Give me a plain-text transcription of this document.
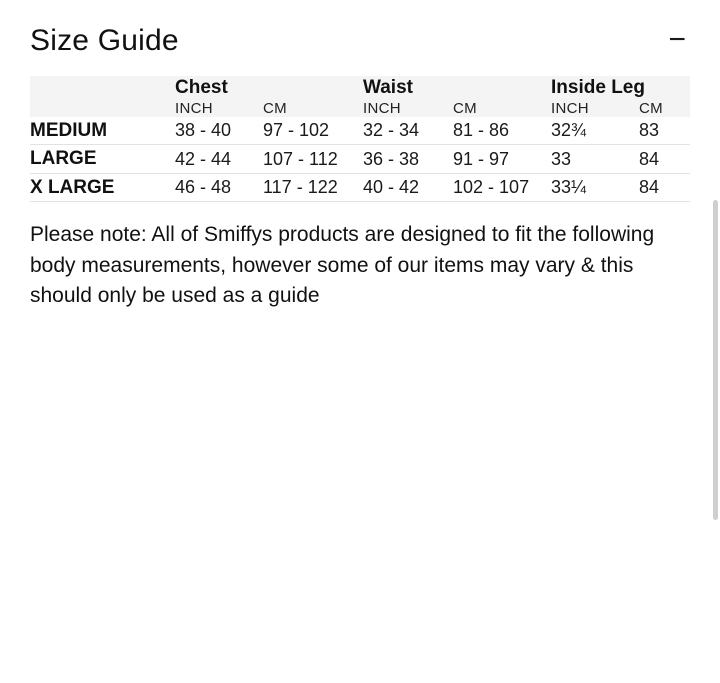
Size Guide	−
	Chest		Waist		Inside Leg	
	INCH	CM	INCH	CM	INCH	CM
MEDIUM	38 - 40	97 - 102	32 - 34	81 - 86	32¾	83
LARGE	42 - 44	107 - 112	36 - 38	91 - 97	33	84
X LARGE	46 - 48	117 - 122	40 - 42	102 - 107	33¼	84
Please note: All of Smiffys products are designed to fit the following body measurements, however some of our items may vary & this should only be used as a guide
